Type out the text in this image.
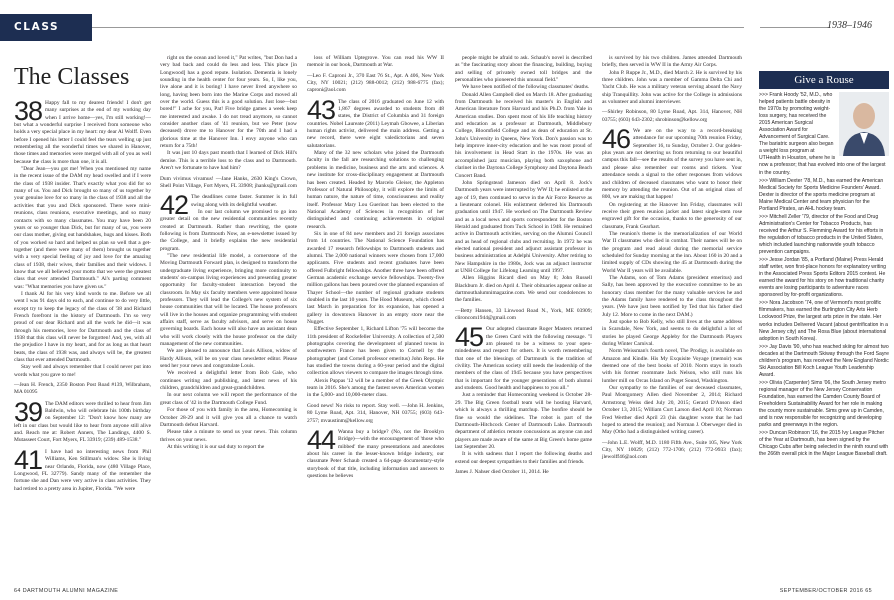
CLASS NOTES
1938–1946
The Classes
38 Happy fall to my dearest friends! I don't get many surprises at the end of my working day when I arrive home—yes, I'm still working!—but what a wonderful surprise I received from someone who holds a very special place in my heart: my dear Al Wolff. Even before I opened his letter I could feel the tears welling up just remembering all the wonderful times we shared in Hanover, those times and memories were merged with all of you as well because the class is more than one, it is all.

"Dear Jean—you got me! When you mentioned my name in the recent issue of the DAM my head swelled and if I were the class of 1938 insider. That's exactly what you did for so many of us. You and Dick brought so many of us together by your genuine love for so many in the class of 1938 and all the activities that you and Dick sponsored. There were mini-reunions, class reunions, executive meetings, and so many contacts with so many classmates. You may have been 20 years or so younger than Dick, but for many of us, you were our class mother, giving out handshakes, hugs and kisses. Both of you worked so hard and helped us plan so well that a get-together (and there were many of them) brought us together with a very special feeling of joy and love for the amazing class of 1938, their wives, their families and their widows. I know that we all believed your motto that we were the greatest class that ever attended Dartmouth." Al's parting comment was: "What memories you have given us."

I thank Al for his very kind words to me. Before we all went I was 91 days old to each, and continue to do very little, except try to keep the legacy of the class of '38 and Richard French forefront in the history of Dartmouth. I'm so very proud of our dear Richard and all the work he did—it was through his memories, love for Dartmouth and the class of 1938 that this class will never be forgotten! And, yes, with all the prejudice I have in my heart, and for as long as that heart beats, the class of 1938 was, and always will be, the greatest class that ever attended Dartmouth.

Stay well and always remember that I could never put into words what you gave to me!

—Jean H. French, 2350 Boston Post Road #139, Wilbraham, MA 01095

39 The DAM editors were thrilled to hear from Jim Baldwin, who will celebrate his 100th birthday on September 12: "Don't know how many are left in our class but would like to hear from anyone still alive and. Reach me at: Robert Anners, The Landings, 4400 S. Mutasseet Court, Fort Myers, FL 33919; (239) 489-1538."

41 I have had no interesting news from Phil Williams, Ken Stillman's widow. She is living near Orlando, Florida, now (480 Village Place, Longwood, FL 32779). Sandy many of the remember the fortune she and Dan were very active in class activities. They had retired to a pretty area in Jupiter, Florida. "We were

right on the ocean and loved it," Pat writes, "but Don had a very bad back and could do less and less. This place [in Longwood] has a good repute. Isolation. Dementia is lonely sounding in the health center for four years. So, I, like you, live alone and it is boring! I have never lived anywhere so long, having been born into the Marine Corps and moved all over the world. Guess this is a good solution. Just lose—but bored!" I ache for you, Pat! Five bridge games a week keep me interested and awake. I do not tread anymore, so cannot consider another class of '41 reunion, but we Peter (now deceased) drove me to Hanover for the 70th and I had a glorious time at the Hanover Inn. I envy anyone who can return for a 75th!

It was just 10 days past month that I learned of Dick Hill's demise. This is a terrible loss to the class and to Dartmouth. Aren't we fortunate to have had him?

Dum vivimus vivamus! —Jane Hanks, 2630 King's Crown, Shell Point Village, Fort Myers, FL 33908; jhanks@gmail.com

42 The deadlines come faster. Summer is in full swing along with its delightful weather.

In our last column we promised to go into greater detail on the new residential communities recently created at Dartmouth. Rather than rewriting, the quote following is from Dartmouth Now, an e-newsletter issued by the College, and it briefly explains the new residential program.

"The new residential life model, a cornerstone of the Moving Dartmouth Forward plan, is designed to transform the undergraduate living experience, bringing more continuity to students' on-campus living experiences and presenting greater opportunity for faculty-student interaction beyond the classroom. In May six faculty members were appointed house professors. They will lead the College's new system of six house communities that will be located. The house professors will live in the houses and organize programming with student affairs staff, serve as faculty advisors, and serve on house governing boards. Each house will also have an assistant dean who will work closely with the house professor on the daily management of the new communities.

We are pleased to announce that Louis Allison, widow of Hardy Allison, will be on your class newsletter editor. Please send her your news and congratulate Louis.

We received a delightful letter from Bob Gale, who continues writing and publishing, and latest news of his children, grandchildren and great-grandchildren.

In our next column we will report the performance of the great class of '42 in the Dartmouth College Fund.

For those of you with family in the area, Homecoming is October 28-29 and it will give you all a chance to watch Dartmouth defeat Harvard.

Please take a minute to send us your news. This column thrives on your news.

At this writing it is our sad duty to report the

loss of William Uptegrove. You can read his WW II memoir in our book, Dartmouth at War.

—Leo F. Caproni Jr., 370 East 76 St., Apt. A 406, New York City, NY 10021; (212) 988-0012; (212) 988-6775 (fax); caproni@aol.com

43 The class of 2016 graduated on June 12 with 1,867 degrees awarded to students from 48 states, the District of Columbia and 31 foreign countries. Nobel Laureate (2011) Leymah Gbowee, a Liberian human rights activist, delivered the main address. Getting a new record, there were eight valedictorians and seven salutatorians.

Many of the 32 new scholars who joined the Dartmouth faculty in the fall are researching solutions to challenging problems in medicine, business and the arts and sciences. A new institute for cross-disciplinary engagement at Dartmouth has been created. Headed by Marcelo Gleiser, the Appleton Professor of Natural Philosophy, it will explore the limits of human nature, the nature of time, consciousness and reality itself. Professor Mary Lou Guerinot has been elected to the National Academy of Sciences in recognition of her distinguished and continuing achievements in original research.

Six in one of 84 new members and 21 foreign associates from 14 countries. The National Science Foundation has awarded 17 research fellowships to Dartmouth students and alumni. The 2,000 national winners were chosen from 17,000 applicants. Five students and recent graduates have been offered Fulbright fellowships. Another three have been offered German academic exchange service fellowships. Twenty-five million gallons has been poured over the planned expansion of Thayer School—the number of regional graduate students doubled in the last 10 years. The Hood Museum, which closed last March in preparation for its expansion, has opened a gallery in downtown Hanover in an empty store near the Nugget.

Effective September 1, Richard Lifton '75 will become the 11th president of Rockefeller University. A collection of 2,500 photographs covering the development of planned towns in southwestern France has been given to Cornell by the photographer (and Cornell professor emeritus) John Reps. He has studied the towns during a 60-year period and the digital collection allows viewers to compare the images through time.

Alexis Pappas '12 will be a member of the Greek Olympic team in 2016. She's among the fastest seven American women in the 5,000- and 10,000-meter class.

Good news! No risks to report. Stay well. —John H. Jenkins, 80 Lyme Road, Apt. 314, Hanover, NH 03755; (603) 643-2757; mvaustinm@kellow.org

44 Wanna buy a bridge? (No, not the Brooklyn Bridge)—with the encouragement of 'those who mibbed' the many presentations and anecdotes about his career in the lesser-known bridge industry, our classmate Peter Schaub created a 64-page documentary-style storybook of that title, including information and answers to questions he believes

people might be afraid to ask. Schaub's novel is described as "the fascinating story about the financing, building, buying and selling of privately owned toll bridges and the personalities who pioneered this unusual field."

We have been notified of the following classmates' deaths.

Donald Allen Campbell died on March 18. After graduating from Dartmouth he received his master's in English and American literature from Harvard and his Ph.D. from Yale in American studies. Don spent most of his life teaching history and education as a professor at Dartmouth, Middlebury College, Bloomfield College and as dean of education at St. John's University in Queens, New York. Don's passion was to help improve inner-city education and he was most proud of his involvement in Head Start in the 1970s. He was an accomplished jazz musician, playing both saxophone and clarinet in the Daytona College Symphony and Daytona Beach Concert Band.

John Springstead Jameson died on April 8. Jock's Dartmouth years were interrupted by WW II; he enlisted at the age of 19, then continued to serve in the Air Force Reserve as a lieutenant colonel. His enlistment deferred his Dartmouth graduation until 1947. He worked on The Dartmouth Review and as a local news and sports correspondent for the Boston Herald and graduated from Tuck School in 1948. He remained active in Dartmouth activities, serving on the Alumni Council and as head of regional clubs and recruiting. In 1972 he was elected national president and adjunct assistant professor in business administration at Adelphi University. After retiring to New Hampshire in the 1980s, Jock was an adjunct instructor at UNH College for Lifelong Learning until 1997.

Allen Higgins Ricard died on May 8; John Russell Blackburn Jr. died on April 4. Their obituaries appear online at dartmouthalumnimagazine.com. We send our condolences to the families.

—Betty Hansen, 33 Linwood Road N., York, ME 03909; clironcom1944@gmail.com

45 Our adopted classmate Roger Masters returned the Green Card with the following message. "I am pleased to be a witness to your open-mindedness and respect for others. It is worth remembering that one of the blessings of Dartmouth is the tradition of civility. The American society still needs the leadership of the members of the class of 1945 because you have perspectives that is important for the younger generations of both alumni and students. Good health and happiness to you all."

Just a reminder that Homecoming weekend is October 28-29. The Big Green football team will be hosting Harvard, which is always a thrilling matchup. The bonfire should be fine so would the sidelines. The robot is part of the Dartmouth-Hitchcock Center of Dartmouth Lake. Dartmouth department of athletics remote concussions as anyone can and players are made aware of the same at Big Green's home game last September 20.

It is with sadness that I report the following deaths and extend our deepest sympathies to their families and friends.

James J. Nahser died October 11, 2014. He

is survived by his two children. James attended Dartmouth briefly, then served in WW II in the Army Air Corps.

John P. Ruppe Jr., M.D., died March 2. He is survived by his three children. John was a member of Gamma Delta Chi and Yacht Club. He was a military veteran serving aboard the Navy ship Tranquillity. John was active for the College in admissions as volunteer and alumni interviewer.

—Shirley Robinson, 80 Lyme Road, Apt. 314, Hanover, NH 03755; (603) 643-2302; shrobinson@kellow.org

46 We are on the way to a record-breaking attendance for our upcoming 70th reunion Friday, September 16, to Sunday, October 2. Our golden-plus years are not deterring us from returning to our beautiful campus this fall—see the results of the survey you have sent in, and please also remember our rooms and tickets. Your attendance sends a signal to the other responses from widows and children of deceased classmates who want to honor their memory by attending the reunion. Out of an original class of 800, we are making that happen!

On registering at the Hanover Inn Friday, classmates will receive their green reunion jacket and latest single-stem rose engraved gift for the occasion, thanks to the generosity of our classmate, Frank Gearhart.

The reunion's theme is the memorialization of our World War II classmates who died in combat. Their names will be on the program and read aloud during the memorial service scheduled for Sunday morning at the inn. About 160 in 20 and a limited supply of CDs showing the 45 at Dartmouth during the World War II years will be available.

The Adams, son of Tom Adams (president emeritus) and Sally, has been approved by the executive committee to be an honorary class member for the many valuable services he and the Adams family have rendered to the class throughout the years. (We have just been notified by Ted that his father died July 12. More to come in the next DAM.)

Just spoke to Bob Kelly, who still lives at the same address in Scarsdale, New York, and seems to do delightful a lot of stories he played George Appleby for the Dartmouth Players during Winter Carnival.

Norm Weissman's fourth novel, The Prodigy, is available on Amazon and Kindle. His My Exquisite Voyage (memoir) was deemed one of the best books of 2010. Norm stays in touch with his former roommate Jack Nelson, who still runs his lumber mill on Orcas Island on Puget Sound, Washington.

Our sympathy to the families of our deceased classmates, Paul Montgomery Allen died November 2, 2014; Richard Armstrong Weiss died July 20, 2015; Gerard D'Anson died October 13, 2015; William Curt Larson died April 10; Norman Fred Werther died April 23 (his daughter wrote that he had hoped to attend the reunion); and Norman J. Oberweger died in May (Otho had a distinguished writing career).

—John L.E. Wolff, M.D. 1180 Fifth Ave., Suite 105, New York City, NY 10029; (212) 772-1706; (212) 772-9933 (fax); jlewolff46@aol.com

Give a Rouse

>>> Frank Hoody '52, M.D., who helped patients battle obesity in the 1970s by promoting weight-loss surgery, has received the 2015 American Surgical Association Award for Advancement of Surgical Care. The bariatric surgeon also began a weight loss program at UTHealth in Houston, where he is now a professor; that has evolved into one of the largest in the country.

>>> William Dexter '78, M.D., has earned the American Medical Society for Sports Medicine Founders' Award. Dexter is director of the sports medicine program at Maine Medical Center and team physician for the Portland Pirates, an AHL hockey team.

>>> Mitchell Zeller '79, director of the Food and Drug Administration's Center for Tobacco Products, has received the Arthur S. Flemming Award for his efforts in the regulation of tobacco products in the United States, which included launching nationwide youth tobacco prevention campaigns.

>>> Jesse Jordan '85, a Portland (Maine) Press Herald staff writer, won first-place honors for explanatory writing in the Associated Press Sports Editors 2015 contest. He earned the award for his story on how traditional charity events are losing participants to adventure races sponsored by for-profit organizations.

>>> Nora Jacobson '74, one of Vermont's most prolific filmmakers, has earned the Burlington City Arts Herb Lockwood Prize, the largest arts prize in the state. Her works includes Delivered Vacant (about gentrification in a New Jersey city) and The Rosa Blue (about international adoption in South Korea).

>>> Jay Davis '90, who has reached skiing for almost two decades at the Dartmouth Skiway through the Ford Sayre children's program, has received the New England Nordic Ski Association Bill Koch League Youth Leadership Award.

>>> Olivia (Carpenter) Sims '06, the South Jersey metro regional manager of the New Jersey Conservation Foundation, has earned the Camden County Board of Freeholders Sustainability Award for her role in making the county more sustainable. Sims grew up in Camden, and is now responsible for recognizing and developing parks and greenways in the region.

>>> Duncan Robinson '16, the 2015 Ivy League Pitcher of the Year at Dartmouth, has been signed by the Chicago Cubs after being selected in the ninth round with the 266th overall pick in the Major League Baseball draft.

64 DARTMOUTH ALUMNI MAGAZINE	SEPTEMBER/OCTOBER 2016 65
